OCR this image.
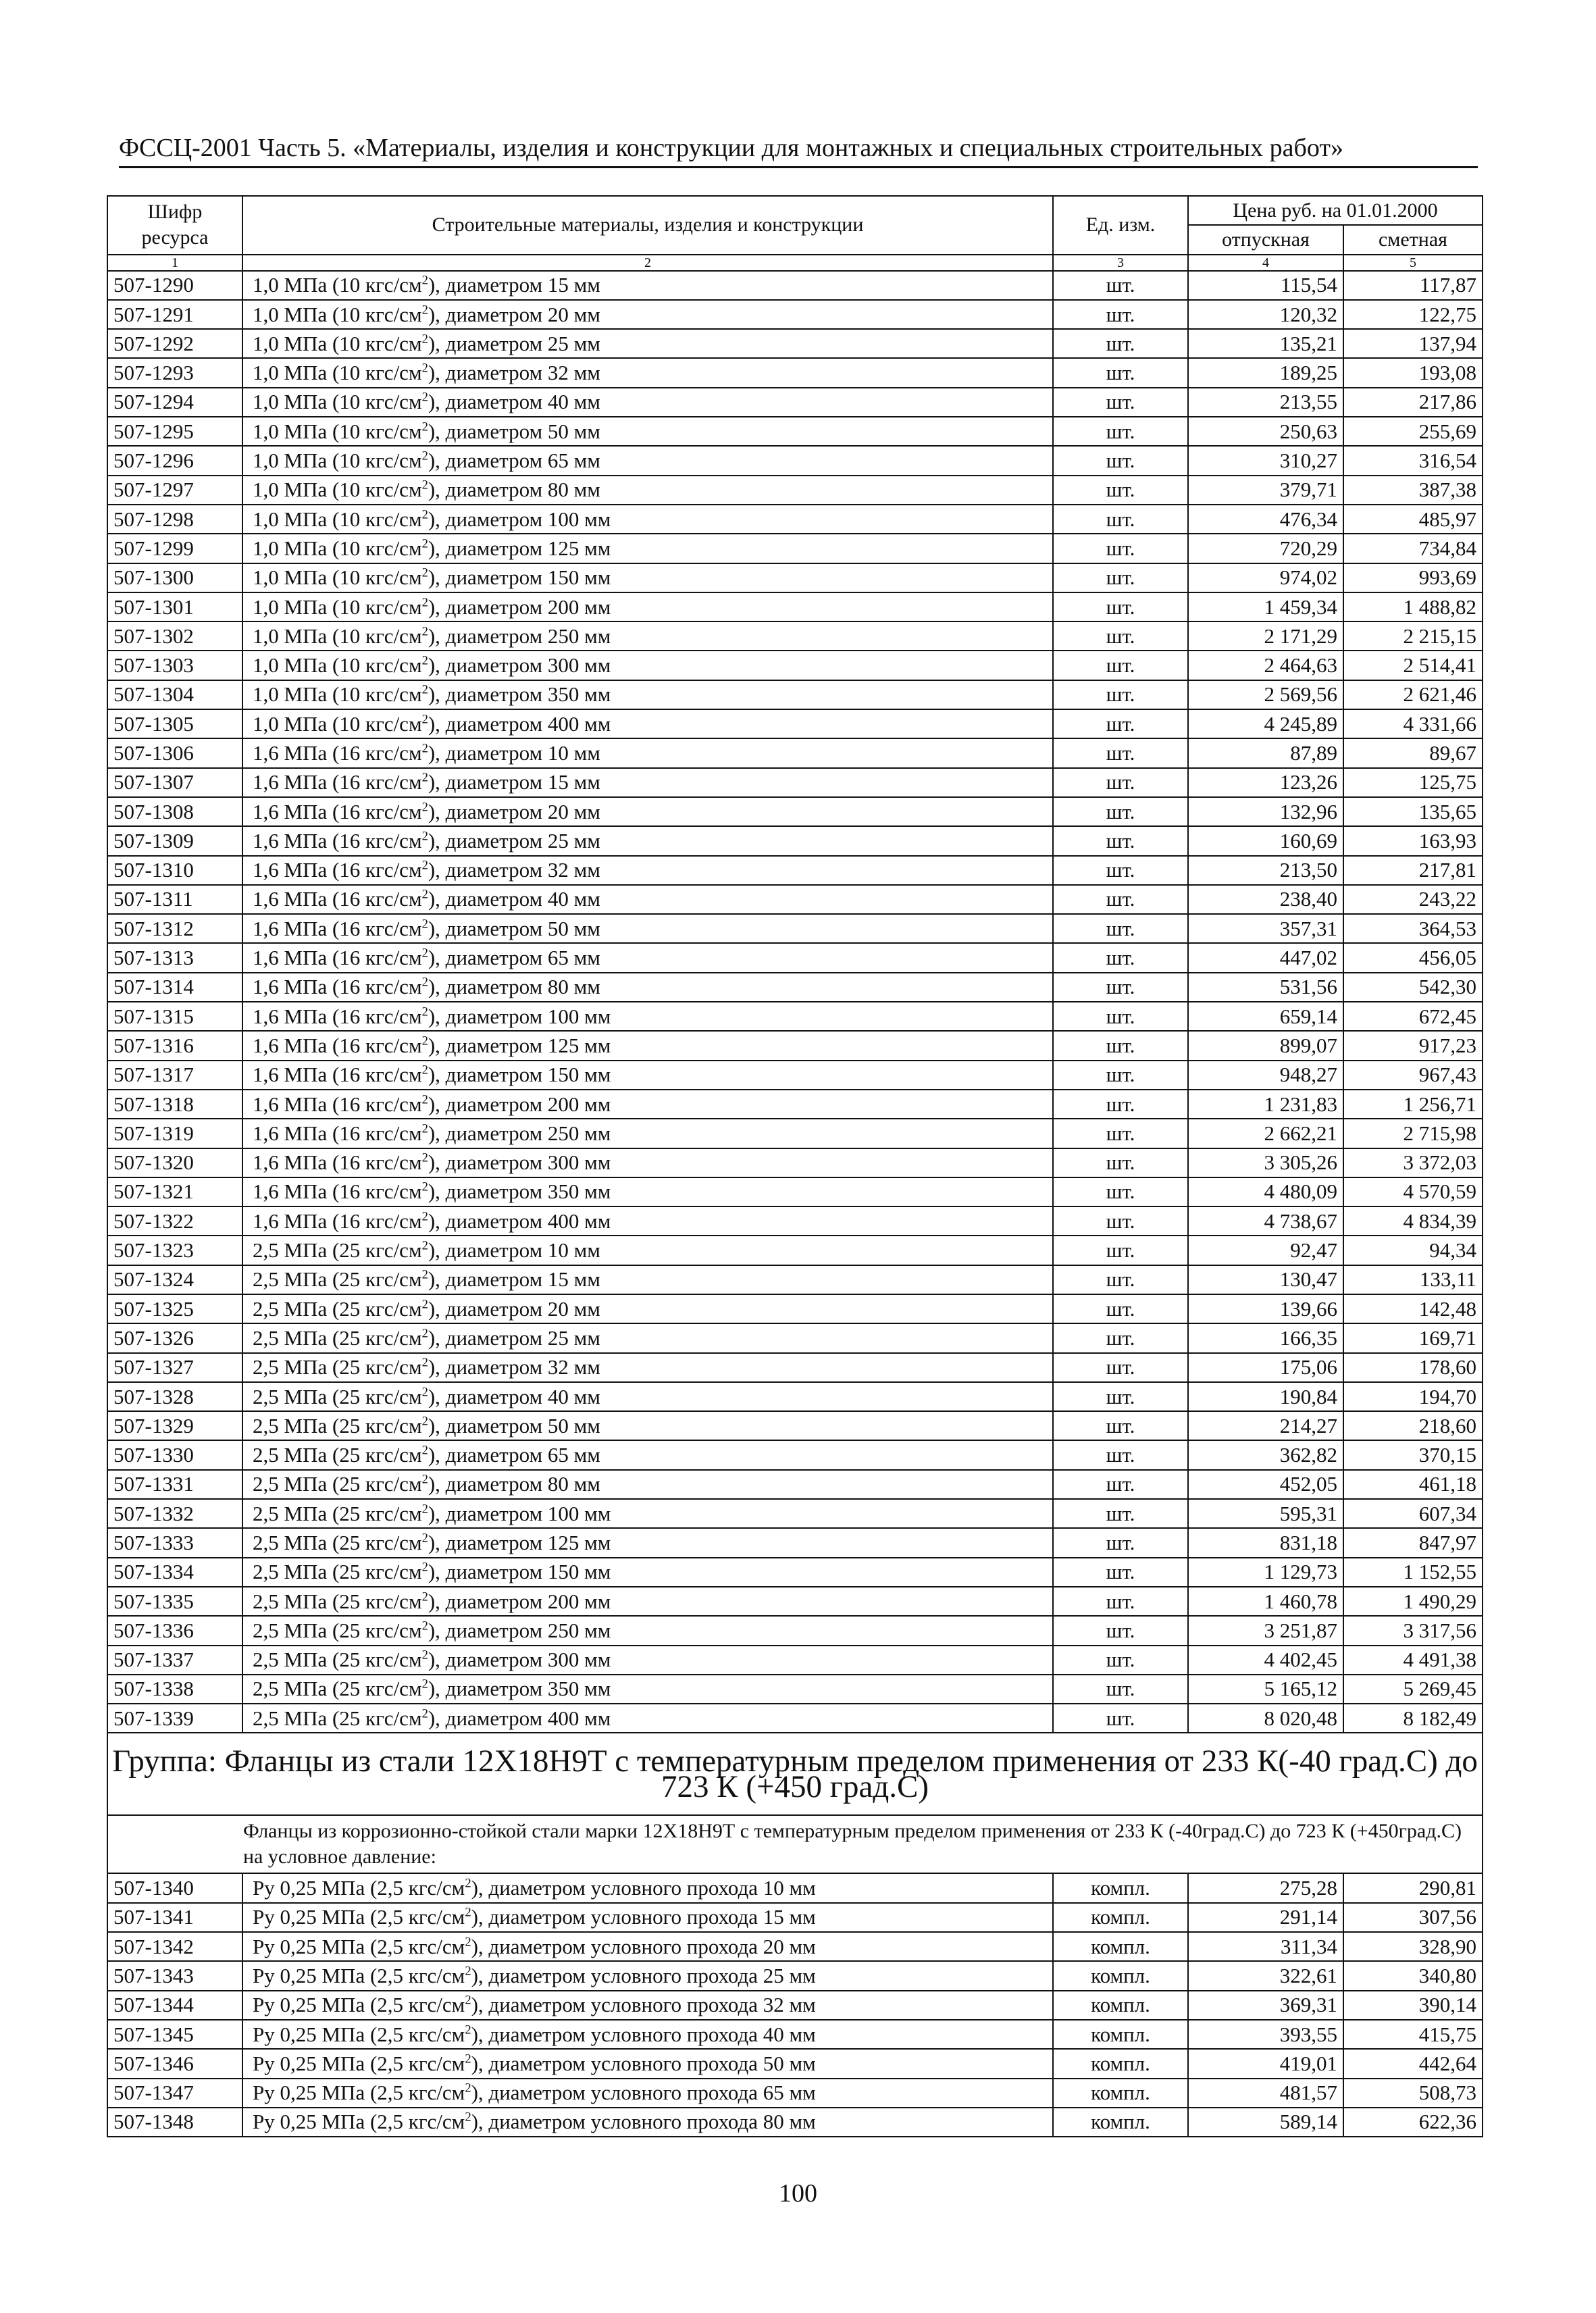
ФССЦ-2001 Часть 5. «Материалы, изделия и конструкции для монтажных и специальных строительных работ»
Шифр ресурса	Строительные материалы, изделия и конструкции	Ед. изм.	Цена руб. на 01.01.2000	
			отпускная	сметная
1	2	3	4	5
507-1290	1,0 МПа (10 кгс/$см^2$), диаметром 15 мм	шт.	115,54	117,87
507-1291	1,0 МПа (10 кгс/$см^2$), диаметром 20 мм	шт.	120,32	122,75
507-1292	1,0 МПа (10 кгс/$см^2$), диаметром 25 мм	шт.	135,21	137,94
507-1293	1,0 МПа (10 кгс/$см^2$), диаметром 32 мм	шт.	189,25	193,08
507-1294	1,0 МПа (10 кгс/$см^2$), диаметром 40 мм	шт.	213,55	217,86
507-1295	1,0 МПа (10 кгс/$см^2$), диаметром 50 мм	шт.	250,63	255,69
507-1296	1,0 МПа (10 кгс/$см^2$), диаметром 65 мм	шт.	310,27	316,54
507-1297	1,0 МПа (10 кгс/$см^2$), диаметром 80 мм	шт.	379,71	387,38
507-1298	1,0 МПа (10 кгс/$см^2$), диаметром 100 мм	шт.	476,34	485,97
507-1299	1,0 МПа (10 кгс/$см^2$), диаметром 125 мм	шт.	720,29	734,84
507-1300	1,0 МПа (10 кгс/$см^2$), диаметром 150 мм	шт.	974,02	993,69
507-1301	1,0 МПа (10 кгс/$см^2$), диаметром 200 мм	шт.	1 459,34	1 488,82
507-1302	1,0 МПа (10 кгс/$см^2$), диаметром 250 мм	шт.	2 171,29	2 215,15
507-1303	1,0 МПа (10 кгс/$см^2$), диаметром 300 мм	шт.	2 464,63	2 514,41
507-1304	1,0 МПа (10 кгс/$см^2$), диаметром 350 мм	шт.	2 569,56	2 621,46
507-1305	1,0 МПа (10 кгс/$см^2$), диаметром 400 мм	шт.	4 245,89	4 331,66
507-1306	1,6 МПа (16 кгс/$см^2$), диаметром 10 мм	шт.	87,89	89,67
507-1307	1,6 МПа (16 кгс/$см^2$), диаметром 15 мм	шт.	123,26	125,75
507-1308	1,6 МПа (16 кгс/$см^2$), диаметром 20 мм	шт.	132,96	135,65
507-1309	1,6 МПа (16 кгс/$см^2$), диаметром 25 мм	шт.	160,69	163,93
507-1310	1,6 МПа (16 кгс/$см^2$), диаметром 32 мм	шт.	213,50	217,81
507-1311	1,6 МПа (16 кгс/$см^2$), диаметром 40 мм	шт.	238,40	243,22
507-1312	1,6 МПа (16 кгс/$см^2$), диаметром 50 мм	шт.	357,31	364,53
507-1313	1,6 МПа (16 кгс/$см^2$), диаметром 65 мм	шт.	447,02	456,05
507-1314	1,6 МПа (16 кгс/$см^2$), диаметром 80 мм	шт.	531,56	542,30
507-1315	1,6 МПа (16 кгс/$см^2$), диаметром 100 мм	шт.	659,14	672,45
507-1316	1,6 МПа (16 кгс/$см^2$), диаметром 125 мм	шт.	899,07	917,23
507-1317	1,6 МПа (16 кгс/$см^2$), диаметром 150 мм	шт.	948,27	967,43
507-1318	1,6 МПа (16 кгс/$см^2$), диаметром 200 мм	шт.	1 231,83	1 256,71
507-1319	1,6 МПа (16 кгс/$см^2$), диаметром 250 мм	шт.	2 662,21	2 715,98
507-1320	1,6 МПа (16 кгс/$см^2$), диаметром 300 мм	шт.	3 305,26	3 372,03
507-1321	1,6 МПа (16 кгс/$см^2$), диаметром 350 мм	шт.	4 480,09	4 570,59
507-1322	1,6 МПа (16 кгс/$см^2$), диаметром 400 мм	шт.	4 738,67	4 834,39
507-1323	2,5 МПа (25 кгс/$см^2$), диаметром 10 мм	шт.	92,47	94,34
507-1324	2,5 МПа (25 кгс/$см^2$), диаметром 15 мм	шт.	130,47	133,11
507-1325	2,5 МПа (25 кгс/$см^2$), диаметром 20 мм	шт.	139,66	142,48
507-1326	2,5 МПа (25 кгс/$см^2$), диаметром 25 мм	шт.	166,35	169,71
507-1327	2,5 МПа (25 кгс/$см^2$), диаметром 32 мм	шт.	175,06	178,60
507-1328	2,5 МПа (25 кгс/$см^2$), диаметром 40 мм	шт.	190,84	194,70
507-1329	2,5 МПа (25 кгс/$см^2$), диаметром 50 мм	шт.	214,27	218,60
507-1330	2,5 МПа (25 кгс/$см^2$), диаметром 65 мм	шт.	362,82	370,15
507-1331	2,5 МПа (25 кгс/$см^2$), диаметром 80 мм	шт.	452,05	461,18
507-1332	2,5 МПа (25 кгс/$см^2$), диаметром 100 мм	шт.	595,31	607,34
507-1333	2,5 МПа (25 кгс/$см^2$), диаметром 125 мм	шт.	831,18	847,97
507-1334	2,5 МПа (25 кгс/$см^2$), диаметром 150 мм	шт.	1 129,73	1 152,55
507-1335	2,5 МПа (25 кгс/$см^2$), диаметром 200 мм	шт.	1 460,78	1 490,29
507-1336	2,5 МПа (25 кгс/$см^2$), диаметром 250 мм	шт.	3 251,87	3 317,56
507-1337	2,5 МПа (25 кгс/$см^2$), диаметром 300 мм	шт.	4 402,45	4 491,38
507-1338	2,5 МПа (25 кгс/$см^2$), диаметром 350 мм	шт.	5 165,12	5 269,45
507-1339	2,5 МПа (25 кгс/$см^2$), диаметром 400 мм	шт.	8 020,48	8 182,49
Группа: Фланцы из стали 12Х18Н9Т с температурным пределом применения от 233 К(-40 град.С) до 723 К (+450 град.С)				
Фланцы из коррозионно-стойкой стали марки 12Х18Н9Т с температурным пределом применения от 233 К (-40град.С) до 723 К (+450град.С) на условное давление:				
507-1340	Ру 0,25 МПа (2,5 кгс/$см^2$), диаметром условного прохода 10 мм	компл.	275,28	290,81
507-1341	Ру 0,25 МПа (2,5 кгс/$см^2$), диаметром условного прохода 15 мм	компл.	291,14	307,56
507-1342	Ру 0,25 МПа (2,5 кгс/$см^2$), диаметром условного прохода 20 мм	компл.	311,34	328,90
507-1343	Ру 0,25 МПа (2,5 кгс/$см^2$), диаметром условного прохода 25 мм	компл.	322,61	340,80
507-1344	Ру 0,25 МПа (2,5 кгс/$см^2$), диаметром условного прохода 32 мм	компл.	369,31	390,14
507-1345	Ру 0,25 МПа (2,5 кгс/$см^2$), диаметром условного прохода 40 мм	компл.	393,55	415,75
507-1346	Ру 0,25 МПа (2,5 кгс/$см^2$), диаметром условного прохода 50 мм	компл.	419,01	442,64
507-1347	Ру 0,25 МПа (2,5 кгс/$см^2$), диаметром условного прохода 65 мм	компл.	481,57	508,73
507-1348	Ру 0,25 МПа (2,5 кгс/$см^2$), диаметром условного прохода 80 мм	компл.	589,14	622,36
100
